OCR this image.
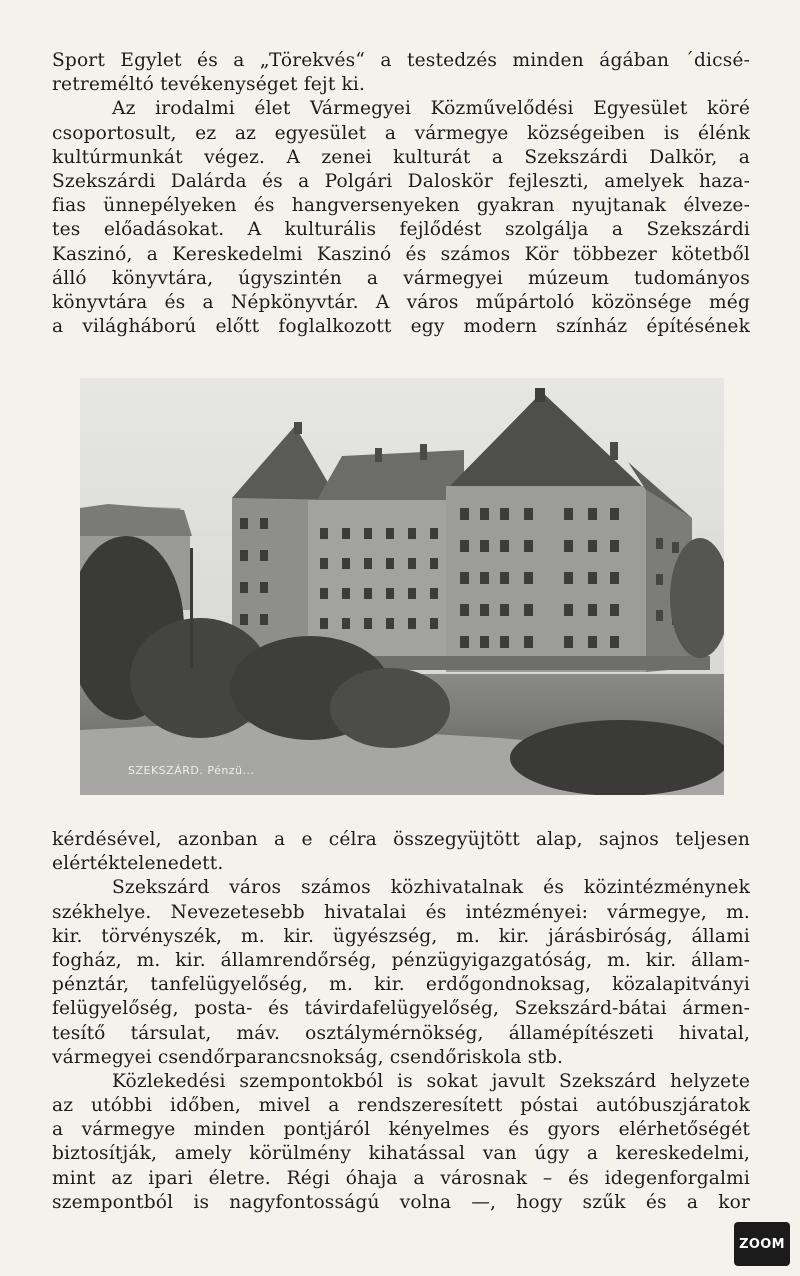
Sport Egylet és a „Törekvés“ a testedzés minden ágában ´dicsé-
retreméltó tevékenységet fejt ki.
Az irodalmi élet Vármegyei Közművelődési Egyesület köré
csoportosult, ez az egyesület a vármegye községeiben is élénk
kultúrmunkát végez. A zenei kulturát a Szekszárdi Dalkör, a
Szekszárdi Dalárda és a Polgári Daloskör fejleszti, amelyek haza-
fias ünnepélyeken és hangversenyeken gyakran nyujtanak élveze-
tes előadásokat. A kulturális fejlődést szolgálja a Szekszárdi
Kaszinó, a Kereskedelmi Kaszinó és számos Kör többezer kötetből
álló könyvtára, úgyszintén a vármegyei múzeum tudományos
könyvtára és a Népkönyvtár. A város műpártoló közönsége még
a világháború előtt foglalkozott egy modern színház építésének
SZEKSZÁRD. Pénzü...
kérdésével, azonban a e célra összegyüjtött alap, sajnos teljesen
elértéktelenedett.
Szekszárd város számos közhivatalnak és közintézménynek
székhelye. Nevezetesebb hivatalai és intézményei: vármegye, m.
kir. törvényszék, m. kir. ügyészség, m. kir. járásbiróság, állami
fogház, m. kir. államrendőrség, pénzügyigazgatóság, m. kir. állam-
pénztár, tanfelügyelőség, m. kir. erdőgondnoksag, közalapitványi
felügyelőség, posta- és távirdafelügyelőség, Szekszárd-bátai ármen-
tesítő társulat, máv. osztálymérnökség, államépítészeti hivatal,
vármegyei csendőrparancsnokság, csendőriskola stb.
Közlekedési szempontokból is sokat javult Szekszárd helyzete
az utóbbi időben, mivel a rendszeresített póstai autóbuszjáratok
a vármegye minden pontjáról kényelmes és gyors elérhetőségét
biztosítják, amely körülmény kihatással van úgy a kereskedelmi,
mint az ipari életre. Régi óhaja a városnak – és idegenforgalmi
szempontból is nagyfontosságú volna —, hogy szűk és a kor
ZOOM
